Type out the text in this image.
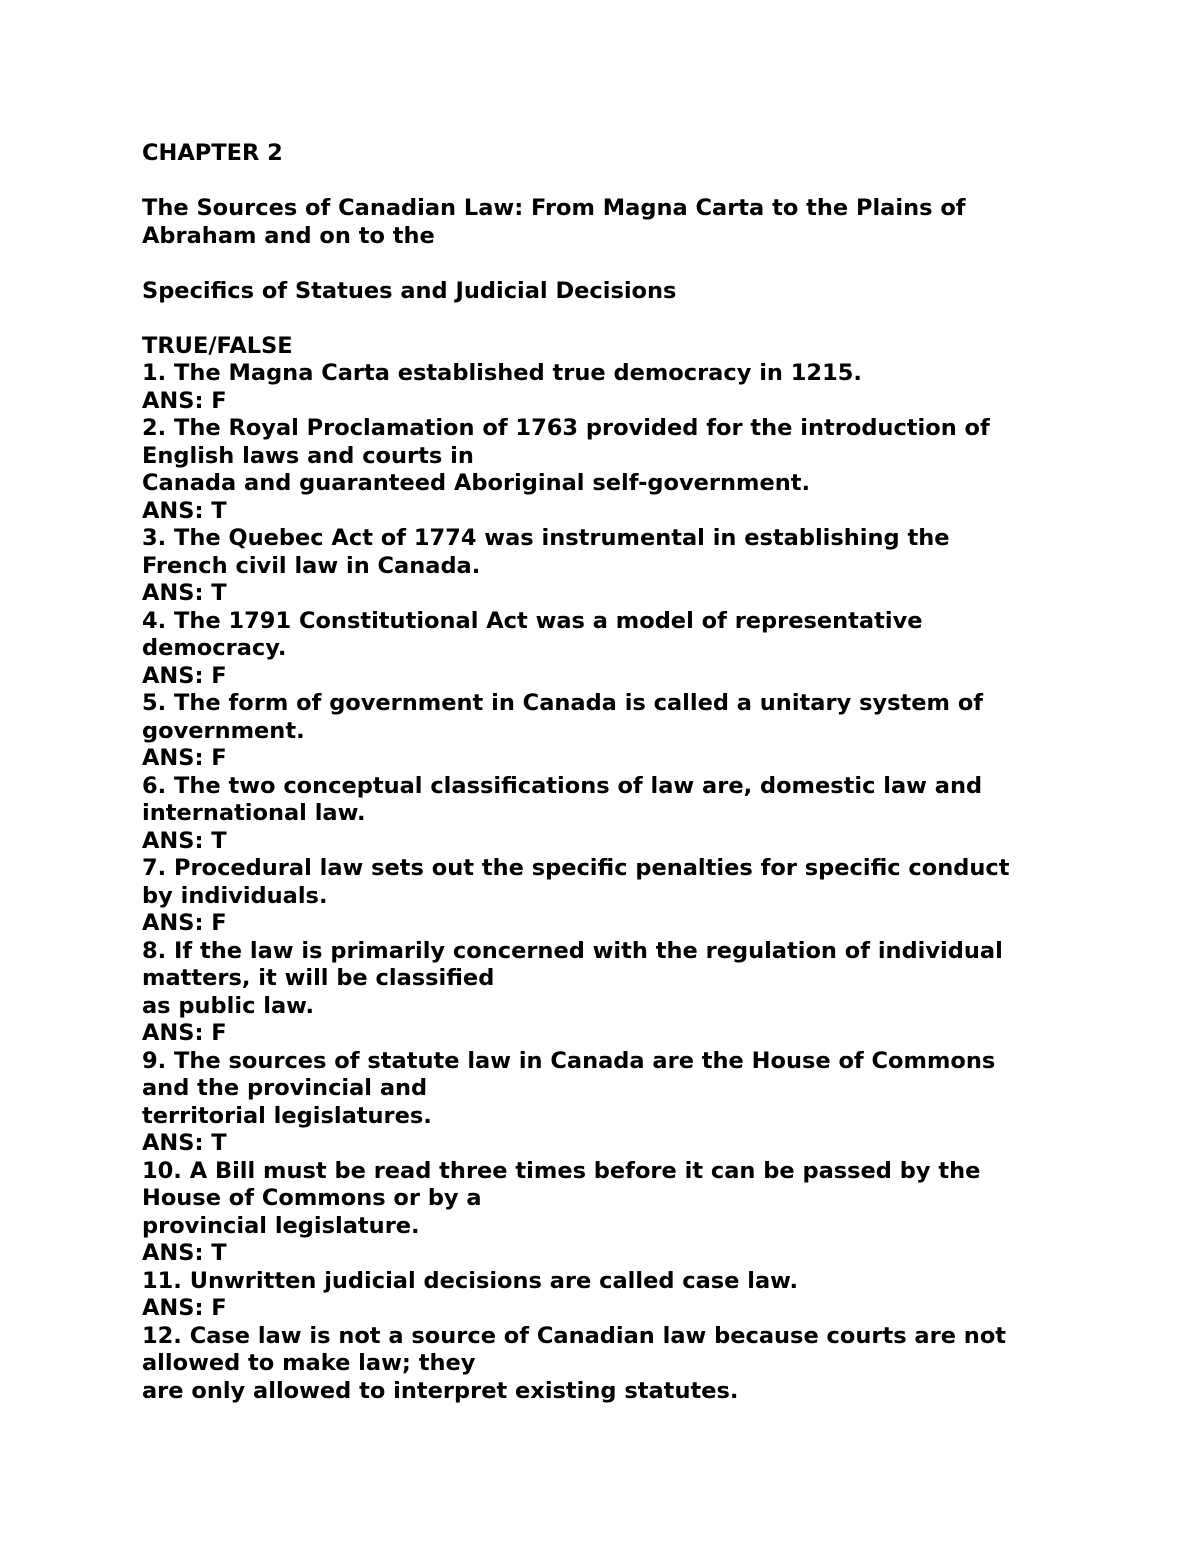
CHAPTER 2
The Sources of Canadian Law: From Magna Carta to the Plains of
Abraham and on to the
Specifics of Statues and Judicial Decisions
TRUE/FALSE
1. The Magna Carta established true democracy in 1215.
ANS: F
2. The Royal Proclamation of 1763 provided for the introduction of
English laws and courts in
Canada and guaranteed Aboriginal self-government.
ANS: T
3. The Quebec Act of 1774 was instrumental in establishing the
French civil law in Canada.
ANS: T
4. The 1791 Constitutional Act was a model of representative
democracy.
ANS: F
5. The form of government in Canada is called a unitary system of
government.
ANS: F
6. The two conceptual classifications of law are, domestic law and
international law.
ANS: T
7. Procedural law sets out the specific penalties for specific conduct
by individuals.
ANS: F
8. If the law is primarily concerned with the regulation of individual
matters, it will be classified
as public law.
ANS: F
9. The sources of statute law in Canada are the House of Commons
and the provincial and
territorial legislatures.
ANS: T
10. A Bill must be read three times before it can be passed by the
House of Commons or by a
provincial legislature.
ANS: T
11. Unwritten judicial decisions are called case law.
ANS: F
12. Case law is not a source of Canadian law because courts are not
allowed to make law; they
are only allowed to interpret existing statutes.
